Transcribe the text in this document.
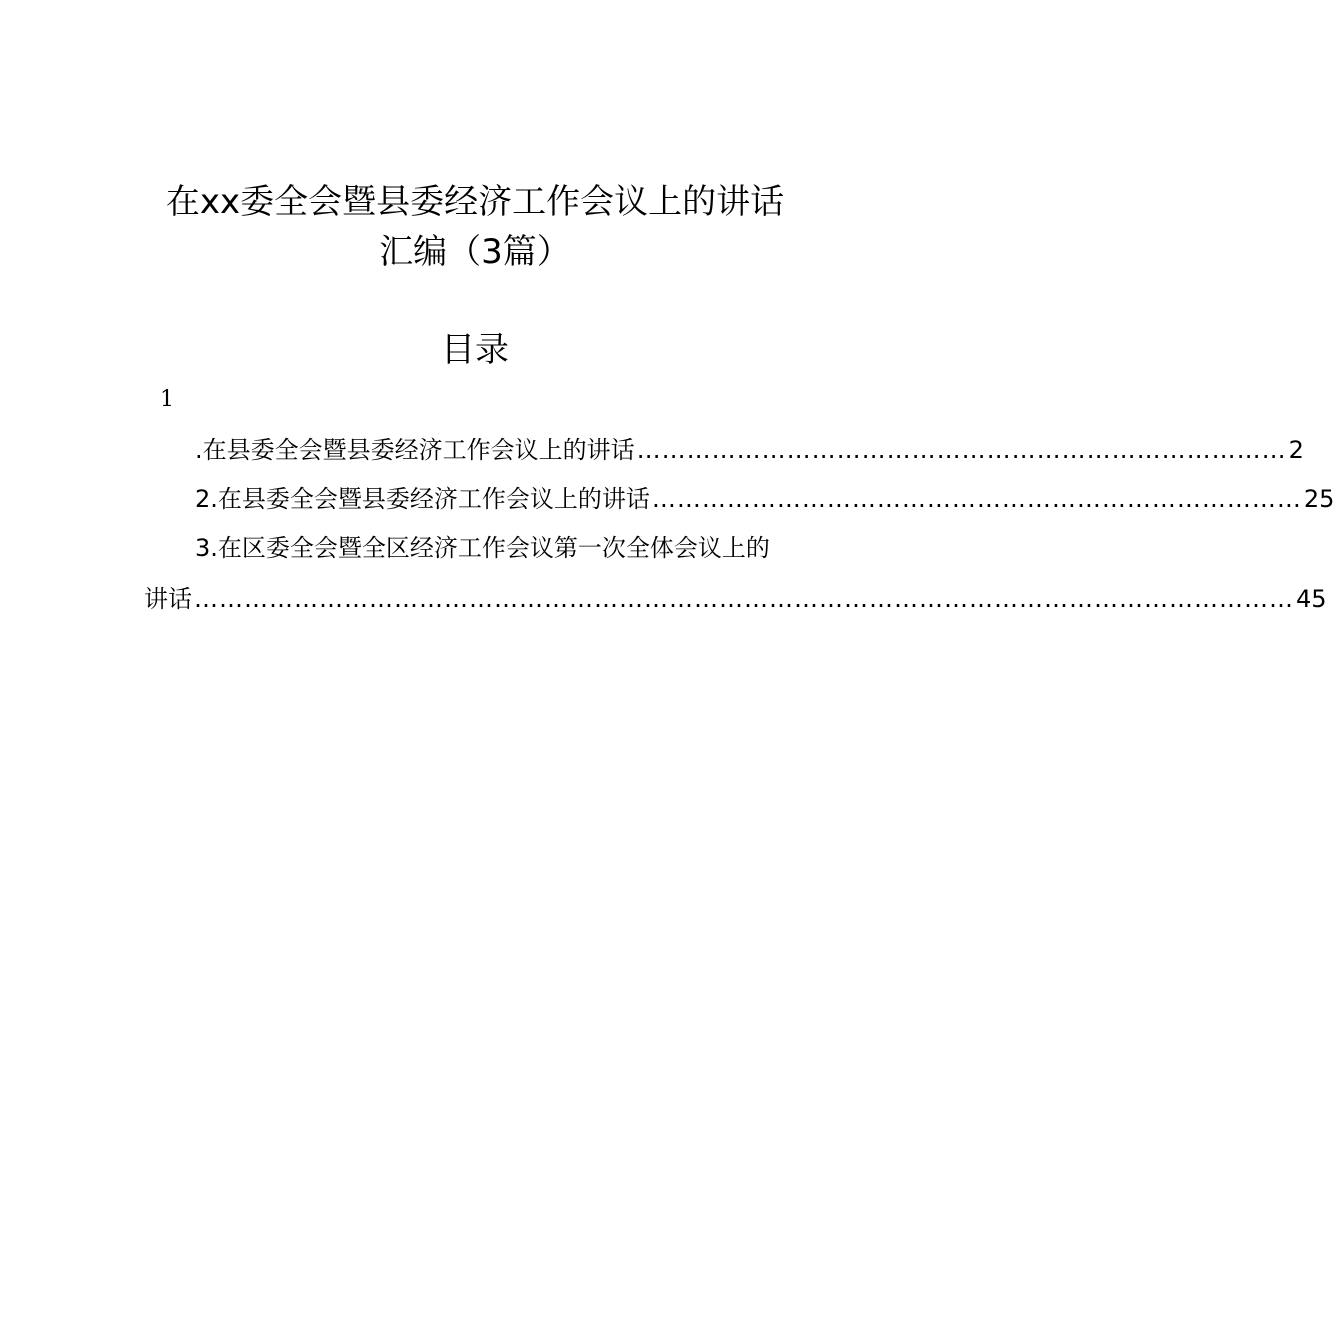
在xx委全会暨县委经济工作会议上的讲话
汇编（3篇）
目录
1
.在县委全会暨县委经济工作会议上的讲话 …………………………………………………………………… 2
2.在县委全会暨县委经济工作会议上的讲话 …………………………………………………………………… 25
3.在区委全会暨全区经济工作会议第一次全体会议上的
讲话 …………………………………………………………………………………………………………………… 45
